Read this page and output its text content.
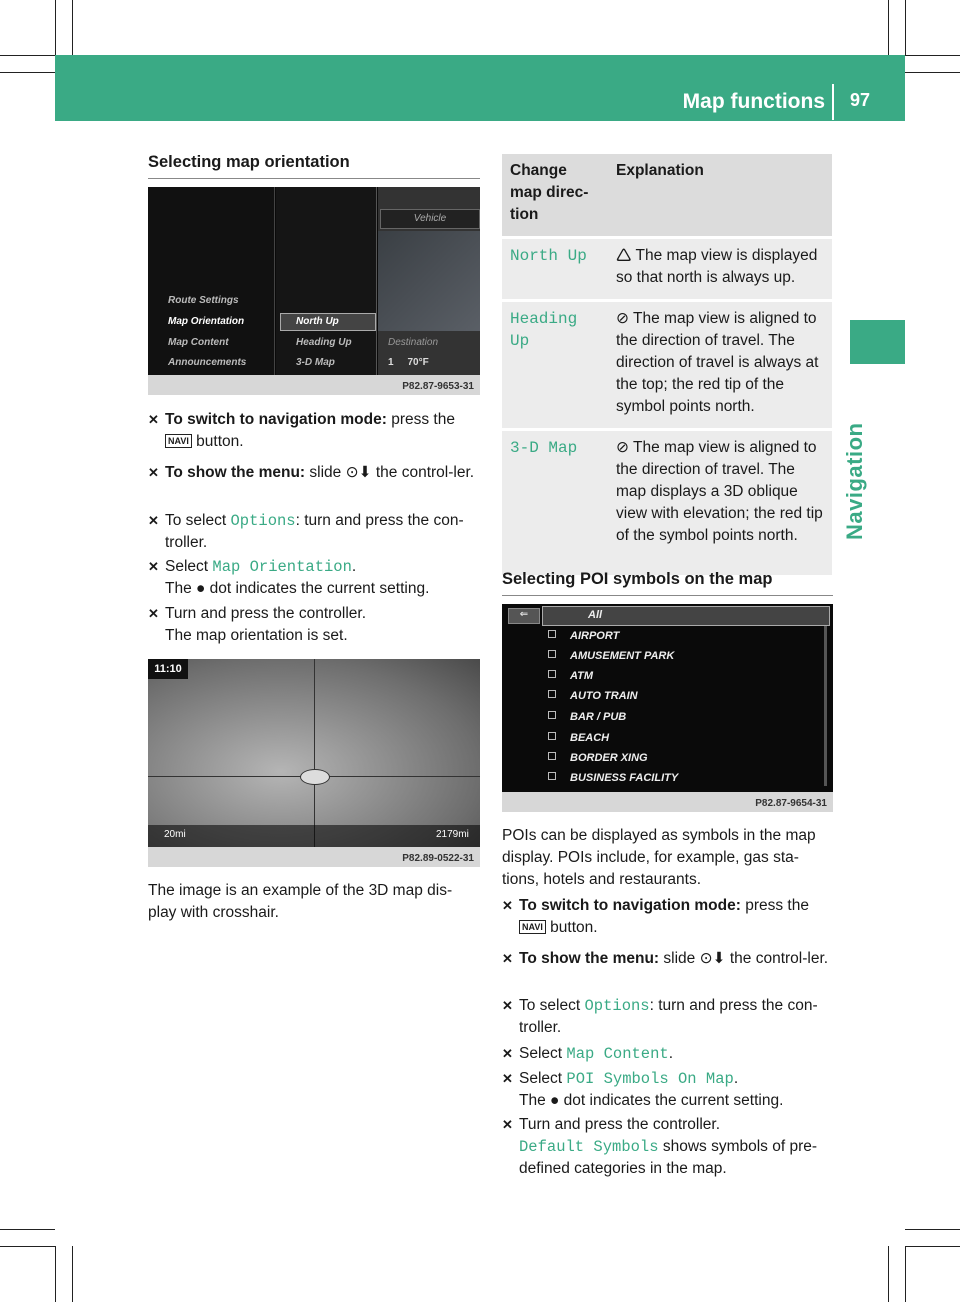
Map functions 97
Navigation
Selecting map orientation
Vehicle
Destination
1     70°F
Route Settings
Map Orientation
Map Content
Announcements
North Up
Heading Up
3-D Map
P82.87-9653-31
✕ To switch to navigation mode: press the
NAVI button.
✕ To show the menu: slide ⊙⬇ the control-ler.
✕ To select Options: turn and press the con-troller.
✕ Select Map Orientation.
The ● dot indicates the current setting.
✕ Turn and press the controller.
The map orientation is set.
11:10
20mi	2179mi
P82.89-0522-31
The image is an example of the 3D map dis-play with crosshair.
Change map direc-tion	Explanation
North Up	🛆 The map view is displayed so that north is always up.
Heading Up	⊘ The map view is aligned to the direction of travel. The direction of travel is always at the top; the red tip of the symbol points north.
3-D Map	⊘ The map view is aligned to the direction of travel. The map displays a 3D oblique view with elevation; the red tip of the symbol points north.
Selecting POI symbols on the map
⇐	All
AIRPORT
AMUSEMENT PARK
ATM
AUTO TRAIN
BAR / PUB
BEACH
BORDER XING
BUSINESS FACILITY
P82.87-9654-31
POIs can be displayed as symbols in the map display. POIs include, for example, gas sta-tions, hotels and restaurants.
✕ To switch to navigation mode: press the
NAVI button.
✕ To show the menu: slide ⊙⬇ the control-ler.
✕ To select Options: turn and press the con-troller.
✕ Select Map Content.
✕ Select POI Symbols On Map.
The ● dot indicates the current setting.
✕ Turn and press the controller.
Default Symbols shows symbols of pre-defined categories in the map.
